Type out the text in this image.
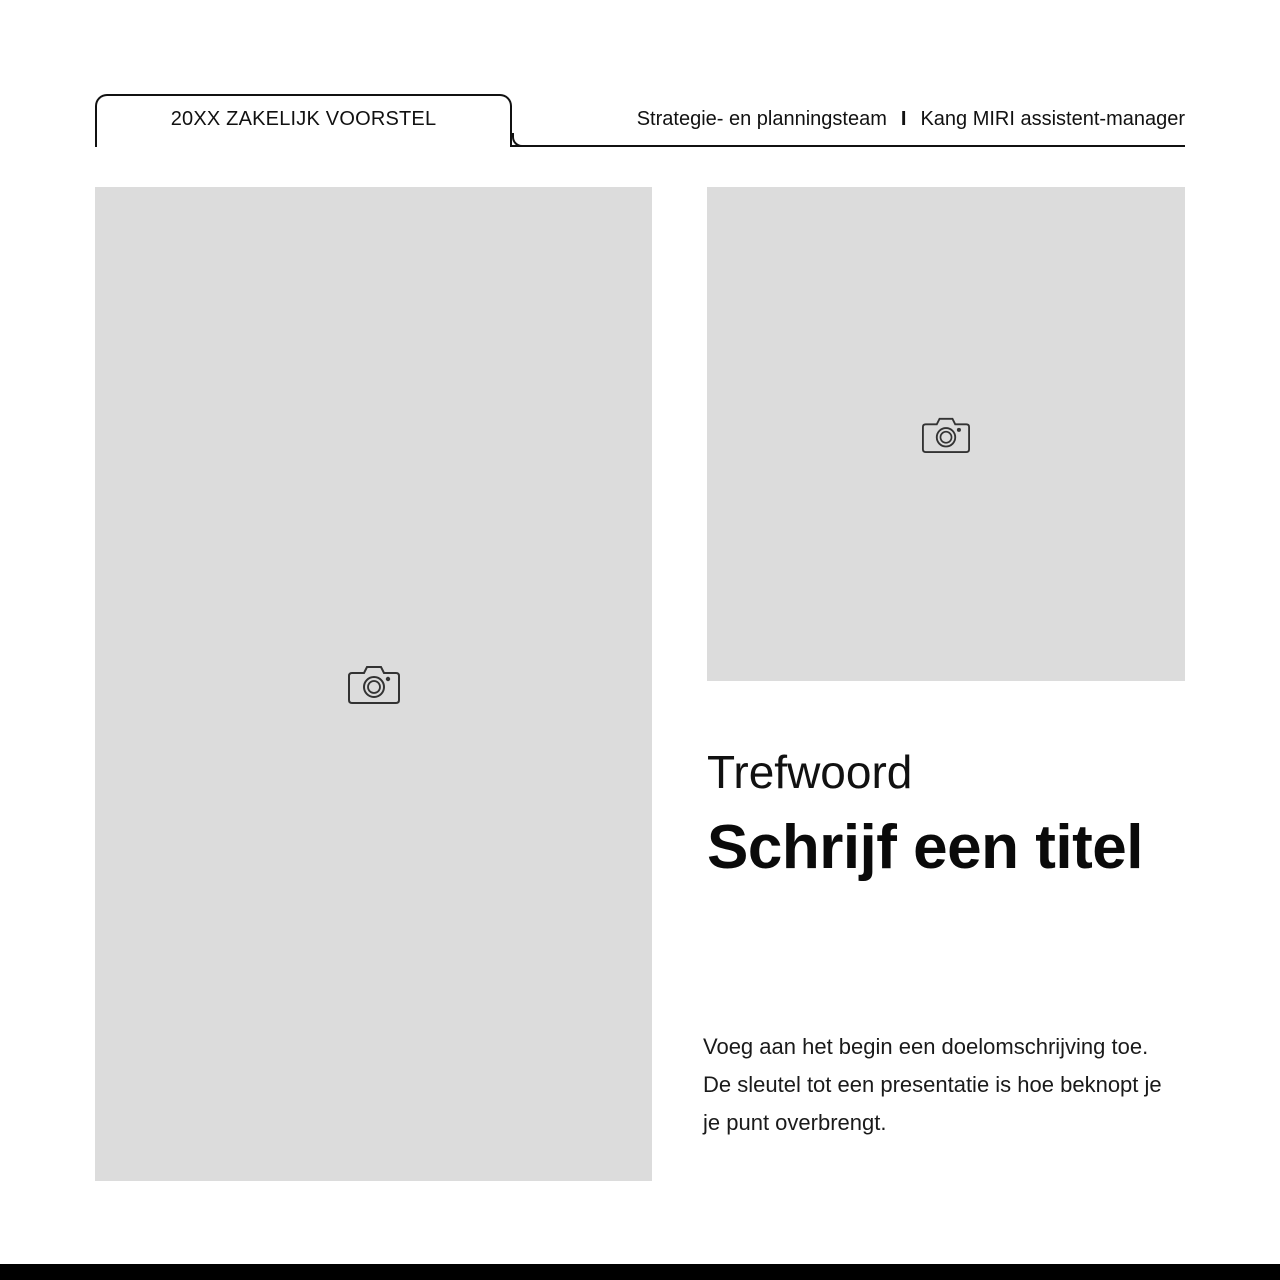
20XX ZAKELIJK VOORSTEL	Strategie- en planningsteam I Kang MIRI assistent-manager
Trefwoord
Schrijf een titel
Voeg aan het begin een doelomschrijving toe. De sleutel tot een presentatie is hoe beknopt je je punt overbrengt.
